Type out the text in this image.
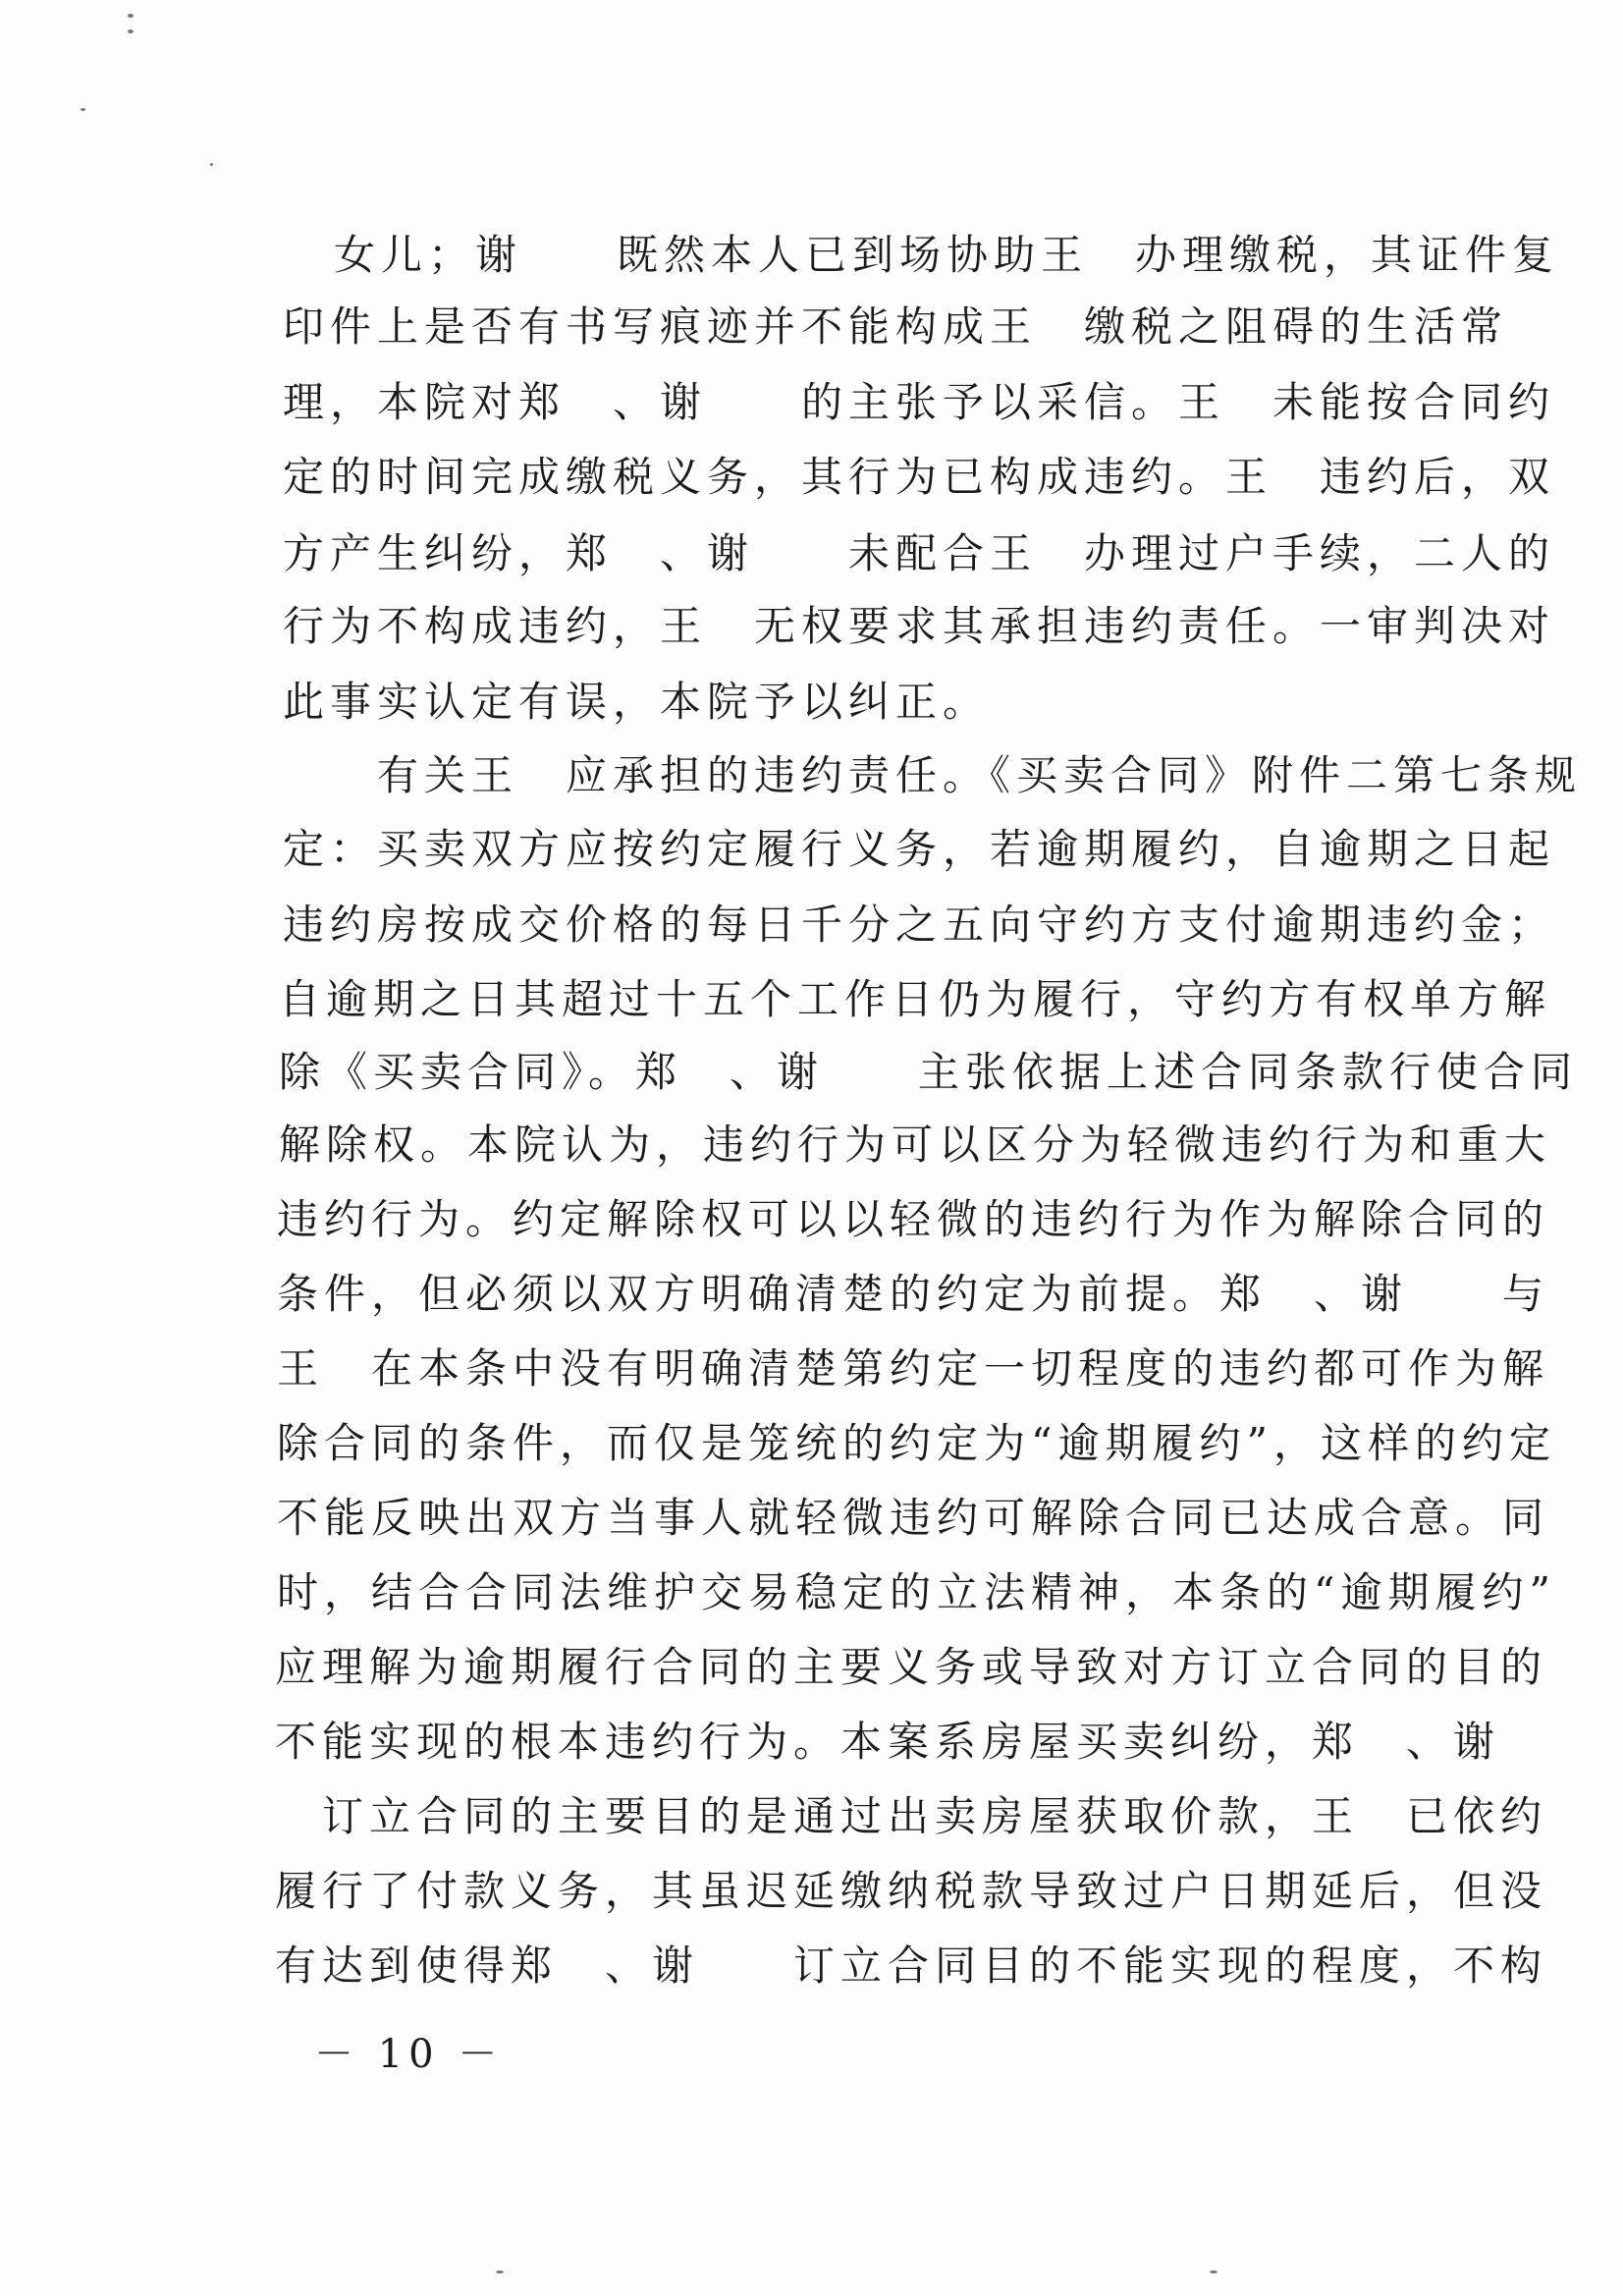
女儿；谢　　既然本人已到场协助王　办理缴税，其证件复
印件上是否有书写痕迹并不能构成王　缴税之阻碍的生活常
理，本院对郑　、谢　　的主张予以采信。王　未能按合同约
定的时间完成缴税义务，其行为已构成违约。王　违约后，双
方产生纠纷，郑　、谢　　未配合王　办理过户手续，二人的
行为不构成违约，王　无权要求其承担违约责任。一审判决对
此事实认定有误，本院予以纠正。
　　有关王　应承担的违约责任。《买卖合同》附件二第七条规
定：买卖双方应按约定履行义务，若逾期履约，自逾期之日起
违约房按成交价格的每日千分之五向守约方支付逾期违约金；
自逾期之日其超过十五个工作日仍为履行，守约方有权单方解
除《买卖合同》。郑　、谢　　主张依据上述合同条款行使合同
解除权。本院认为，违约行为可以区分为轻微违约行为和重大
违约行为。约定解除权可以以轻微的违约行为作为解除合同的
条件，但必须以双方明确清楚的约定为前提。郑　、谢　　与
王　在本条中没有明确清楚第约定一切程度的违约都可作为解
除合同的条件，而仅是笼统的约定为“逾期履约”，这样的约定
不能反映出双方当事人就轻微违约可解除合同已达成合意。同
时，结合合同法维护交易稳定的立法精神，本条的“逾期履约”
应理解为逾期履行合同的主要义务或导致对方订立合同的目的
不能实现的根本违约行为。本案系房屋买卖纠纷，郑　、谢
　订立合同的主要目的是通过出卖房屋获取价款，王　已依约
履行了付款义务，其虽迟延缴纳税款导致过户日期延后，但没
有达到使得郑　、谢　　订立合同目的不能实现的程度，不构
－ 10 －
